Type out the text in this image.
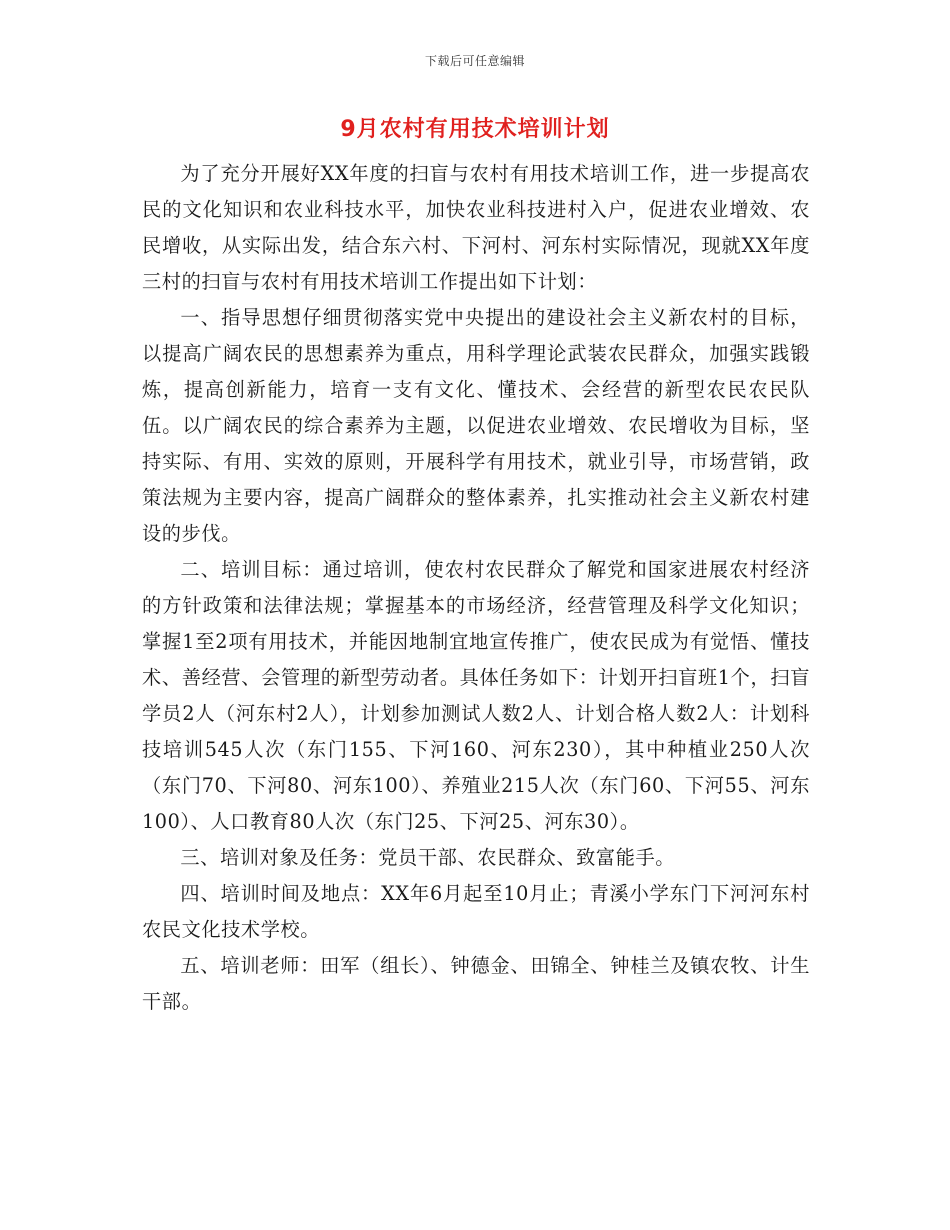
下载后可任意编辑
9月农村有用技术培训计划

为了充分开展好XX年度的扫盲与农村有用技术培训工作，进一步提高农民的文化知识和农业科技水平，加快农业科技进村入户，促进农业增效、农民增收，从实际出发，结合东六村、下河村、河东村实际情况，现就XX年度三村的扫盲与农村有用技术培训工作提出如下计划：

一、指导思想仔细贯彻落实党中央提出的建设社会主义新农村的目标，以提高广阔农民的思想素养为重点，用科学理论武装农民群众，加强实践锻炼，提高创新能力，培育一支有文化、懂技术、会经营的新型农民农民队伍。以广阔农民的综合素养为主题，以促进农业增效、农民增收为目标，坚持实际、有用、实效的原则，开展科学有用技术，就业引导，市场营销，政策法规为主要内容，提高广阔群众的整体素养，扎实推动社会主义新农村建设的步伐。

二、培训目标：通过培训，使农村农民群众了解党和国家进展农村经济的方针政策和法律法规；掌握基本的市场经济，经营管理及科学文化知识；掌握1至2项有用技术，并能因地制宜地宣传推广，使农民成为有觉悟、懂技术、善经营、会管理的新型劳动者。具体任务如下：计划开扫盲班1个，扫盲学员2人（河东村2人），计划参加测试人数2人、计划合格人数2人：计划科技培训545人次（东门155、下河160、河东230），其中种植业250人次（东门70、下河80、河东100）、养殖业215人次（东门60、下河55、河东100）、人口教育80人次（东门25、下河25、河东30）。

三、培训对象及任务：党员干部、农民群众、致富能手。

四、培训时间及地点：XX年6月起至10月止；青溪小学东门下河河东村农民文化技术学校。

五、培训老师：田军（组长）、钟德金、田锦全、钟桂兰及镇农牧、计生干部。
